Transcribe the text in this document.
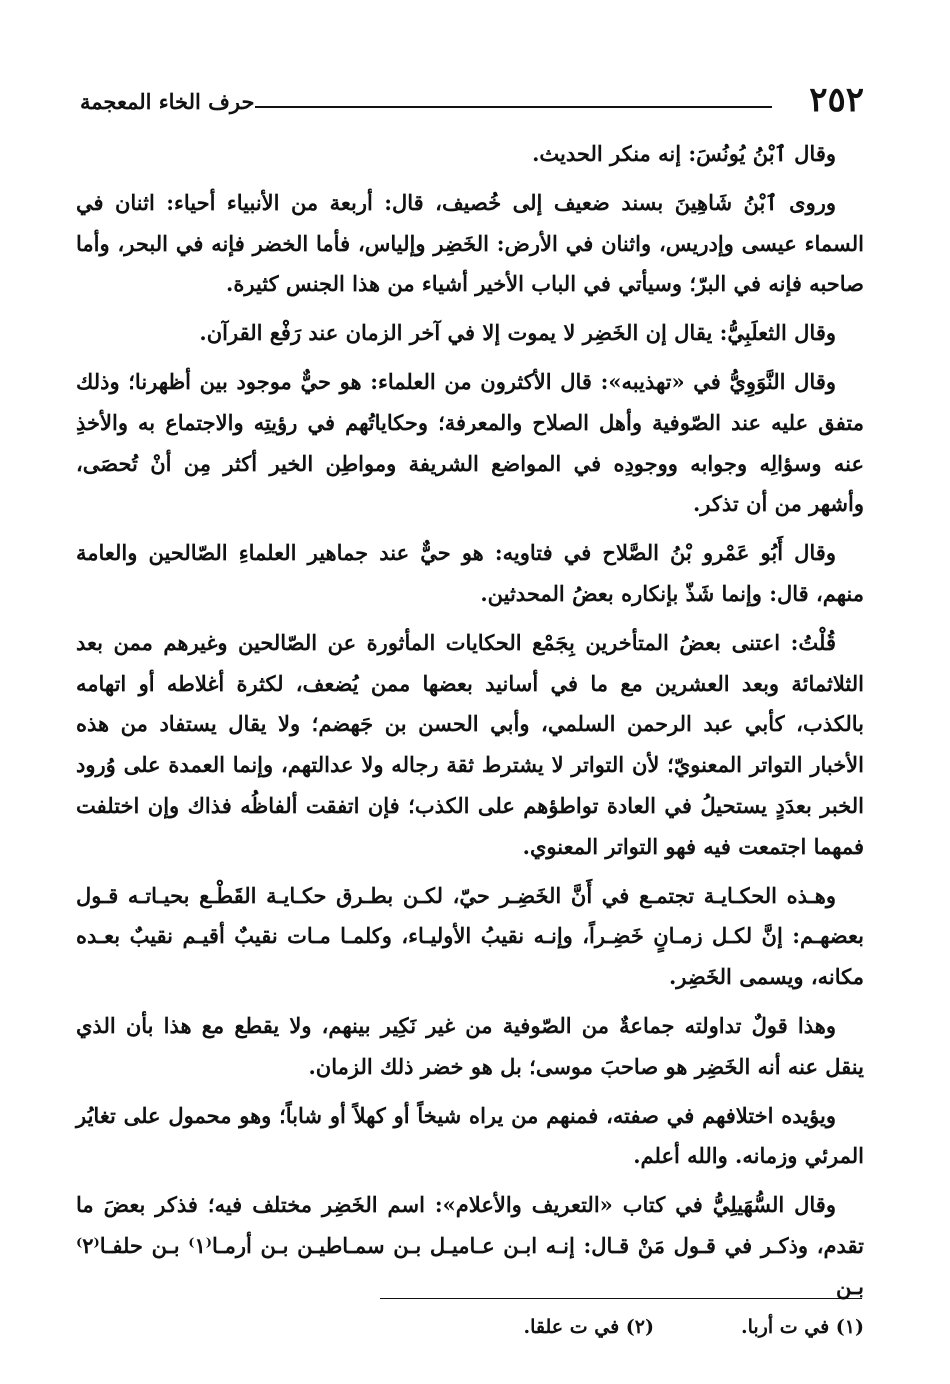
٢٥٢
حرف الخاء المعجمة

وقال ٱبْنُ يُونُسَ: إنه منكر الحديث.

وروى ٱبْنُ شَاهِينَ بسند ضعيف إلى خُصيف، قال: أربعة من الأنبياء أحياء: اثنان في السماء عيسى وإدريس، واثنان في الأرض: الخَضِر وإلياس، فأما الخضر فإنه في البحر، وأما صاحبه فإنه في البرّ؛ وسيأتي في الباب الأخير أشياء من هذا الجنس كثيرة.

وقال الثعلَبِيُّ: يقال إن الخَضِر لا يموت إلا في آخر الزمان عند رَفْع القرآن.

وقال النَّوَوِيُّ في «تهذيبه»: قال الأكثرون من العلماء: هو حيٌّ موجود بين أظهرنا؛ وذلك متفق عليه عند الصّوفية وأهل الصلاح والمعرفة؛ وحكاياتُهم في رؤيتِه والاجتماع به والأخذِ عنه وسؤالِه وجوابه ووجودِه في المواضع الشريفة ومواطِن الخير أكثر مِن أنْ تُحصَى، وأشهر من أن تذكر.

وقال أَبُو عَمْرو بْنُ الصَّلاح في فتاويه: هو حيٌّ عند جماهير العلماءِ الصّالحين والعامة منهم، قال: وإنما شَذّ بإنكاره بعضُ المحدثين.

قُلْتُ: اعتنى بعضُ المتأخرين بِجَمْع الحكايات المأثورة عن الصّالحين وغيرهم ممن بعد الثلاثمائة وبعد العشرين مع ما في أسانيد بعضها ممن يُضعف، لكثرة أغلاطه أو اتهامه بالكذب، كأبي عبد الرحمن السلمي، وأبي الحسن بن جَهضم؛ ولا يقال يستفاد من هذه الأخبار التواتر المعنويّ؛ لأن التواتر لا يشترط ثقة رجاله ولا عدالتهم، وإنما العمدة على وُرود الخبر بعدَدٍ يستحيلُ في العادة تواطؤهم على الكذب؛ فإن اتفقت ألفاظُه فذاك وإن اختلفت فمهما اجتمعت فيه فهو التواتر المعنوي.

وهـذه الحكـايـة تجتمـع في أَنَّ الخَضِـر حيّ، لكـن بطـرق حكـايـة القَطْـع بحيـاتـه قـول بعضهـم: إنَّ لكـل زمـانٍ خَضِـراً، وإنـه نقيبُ الأوليـاء، وكلمـا مـات نقيبٌ أقيـم نقيبٌ بعـده مكانه، ويسمى الخَضِر.

وهذا قولٌ تداولته جماعةٌ من الصّوفية من غير نَكِير بينهم، ولا يقطع مع هذا بأن الذي ينقل عنه أنه الخَضِر هو صاحبَ موسى؛ بل هو خضر ذلك الزمان.

ويؤيده اختلافهم في صفته، فمنهم من يراه شيخاً أو كهلاً أو شاباً؛ وهو محمول على تغايُر المرئي وزمانه. والله أعلم.

وقال السُّهَيلِيُّ في كتاب «التعريف والأعلام»: اسم الخَضِر مختلف فيه؛ فذكر بعضَ ما تقدم، وذكـر في قـول مَنْ قـال: إنـه ابـن عـاميـل بـن سمـاطيـن بـن أرمـا⁽١⁾ بـن حلفـا⁽٢⁾ بـن

(١) في ت أربا.
(٢) في ت علقا.
